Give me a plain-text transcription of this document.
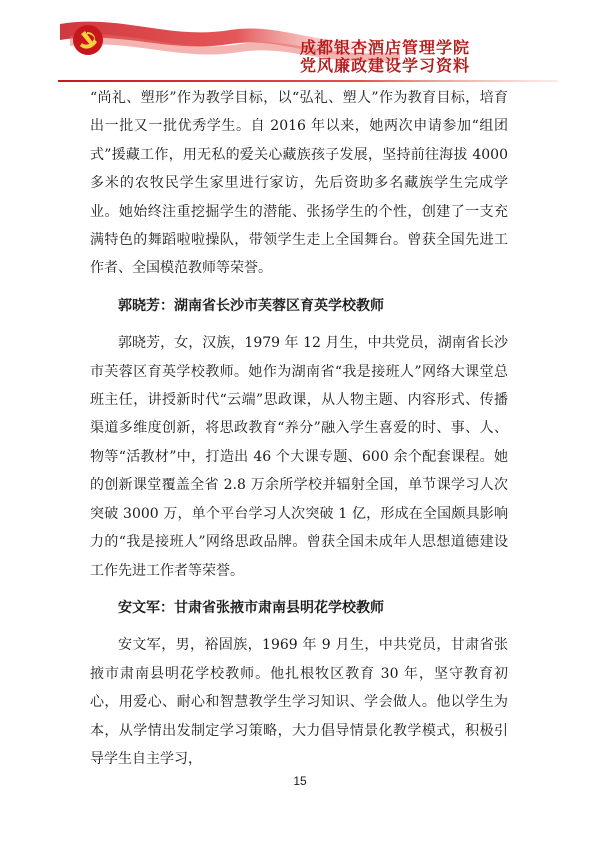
成都银杏酒店管理学院
党风廉政建设学习资料

“尚礼、塑形”作为教学目标，以“弘礼、塑人”作为教育目标，培育出一批又一批优秀学生。自 2016 年以来，她两次申请参加“组团式”援藏工作，用无私的爱关心藏族孩子发展，坚持前往海拔 4000 多米的农牧民学生家里进行家访，先后资助多名藏族学生完成学业。她始终注重挖掘学生的潜能、张扬学生的个性，创建了一支充满特色的舞蹈啦啦操队，带领学生走上全国舞台。曾获全国先进工作者、全国模范教师等荣誉。

郭晓芳：湖南省长沙市芙蓉区育英学校教师

郭晓芳，女，汉族，1979 年 12 月生，中共党员，湖南省长沙市芙蓉区育英学校教师。她作为湖南省“我是接班人”网络大课堂总班主任，讲授新时代“云端”思政课，从人物主题、内容形式、传播渠道多维度创新，将思政教育“养分”融入学生喜爱的时、事、人、物等“活教材”中，打造出 46 个大课专题、600 余个配套课程。她的创新课堂覆盖全省 2.8 万余所学校并辐射全国，单节课学习人次突破 3000 万，单个平台学习人次突破 1 亿，形成在全国颇具影响力的“我是接班人”网络思政品牌。曾获全国未成年人思想道德建设工作先进工作者等荣誉。

安文军：甘肃省张掖市肃南县明花学校教师

安文军，男，裕固族，1969 年 9 月生，中共党员，甘肃省张掖市肃南县明花学校教师。他扎根牧区教育 30 年，坚守教育初心，用爱心、耐心和智慧教学生学习知识、学会做人。他以学生为本，从学情出发制定学习策略，大力倡导情景化教学模式，积极引导学生自主学习，

15
